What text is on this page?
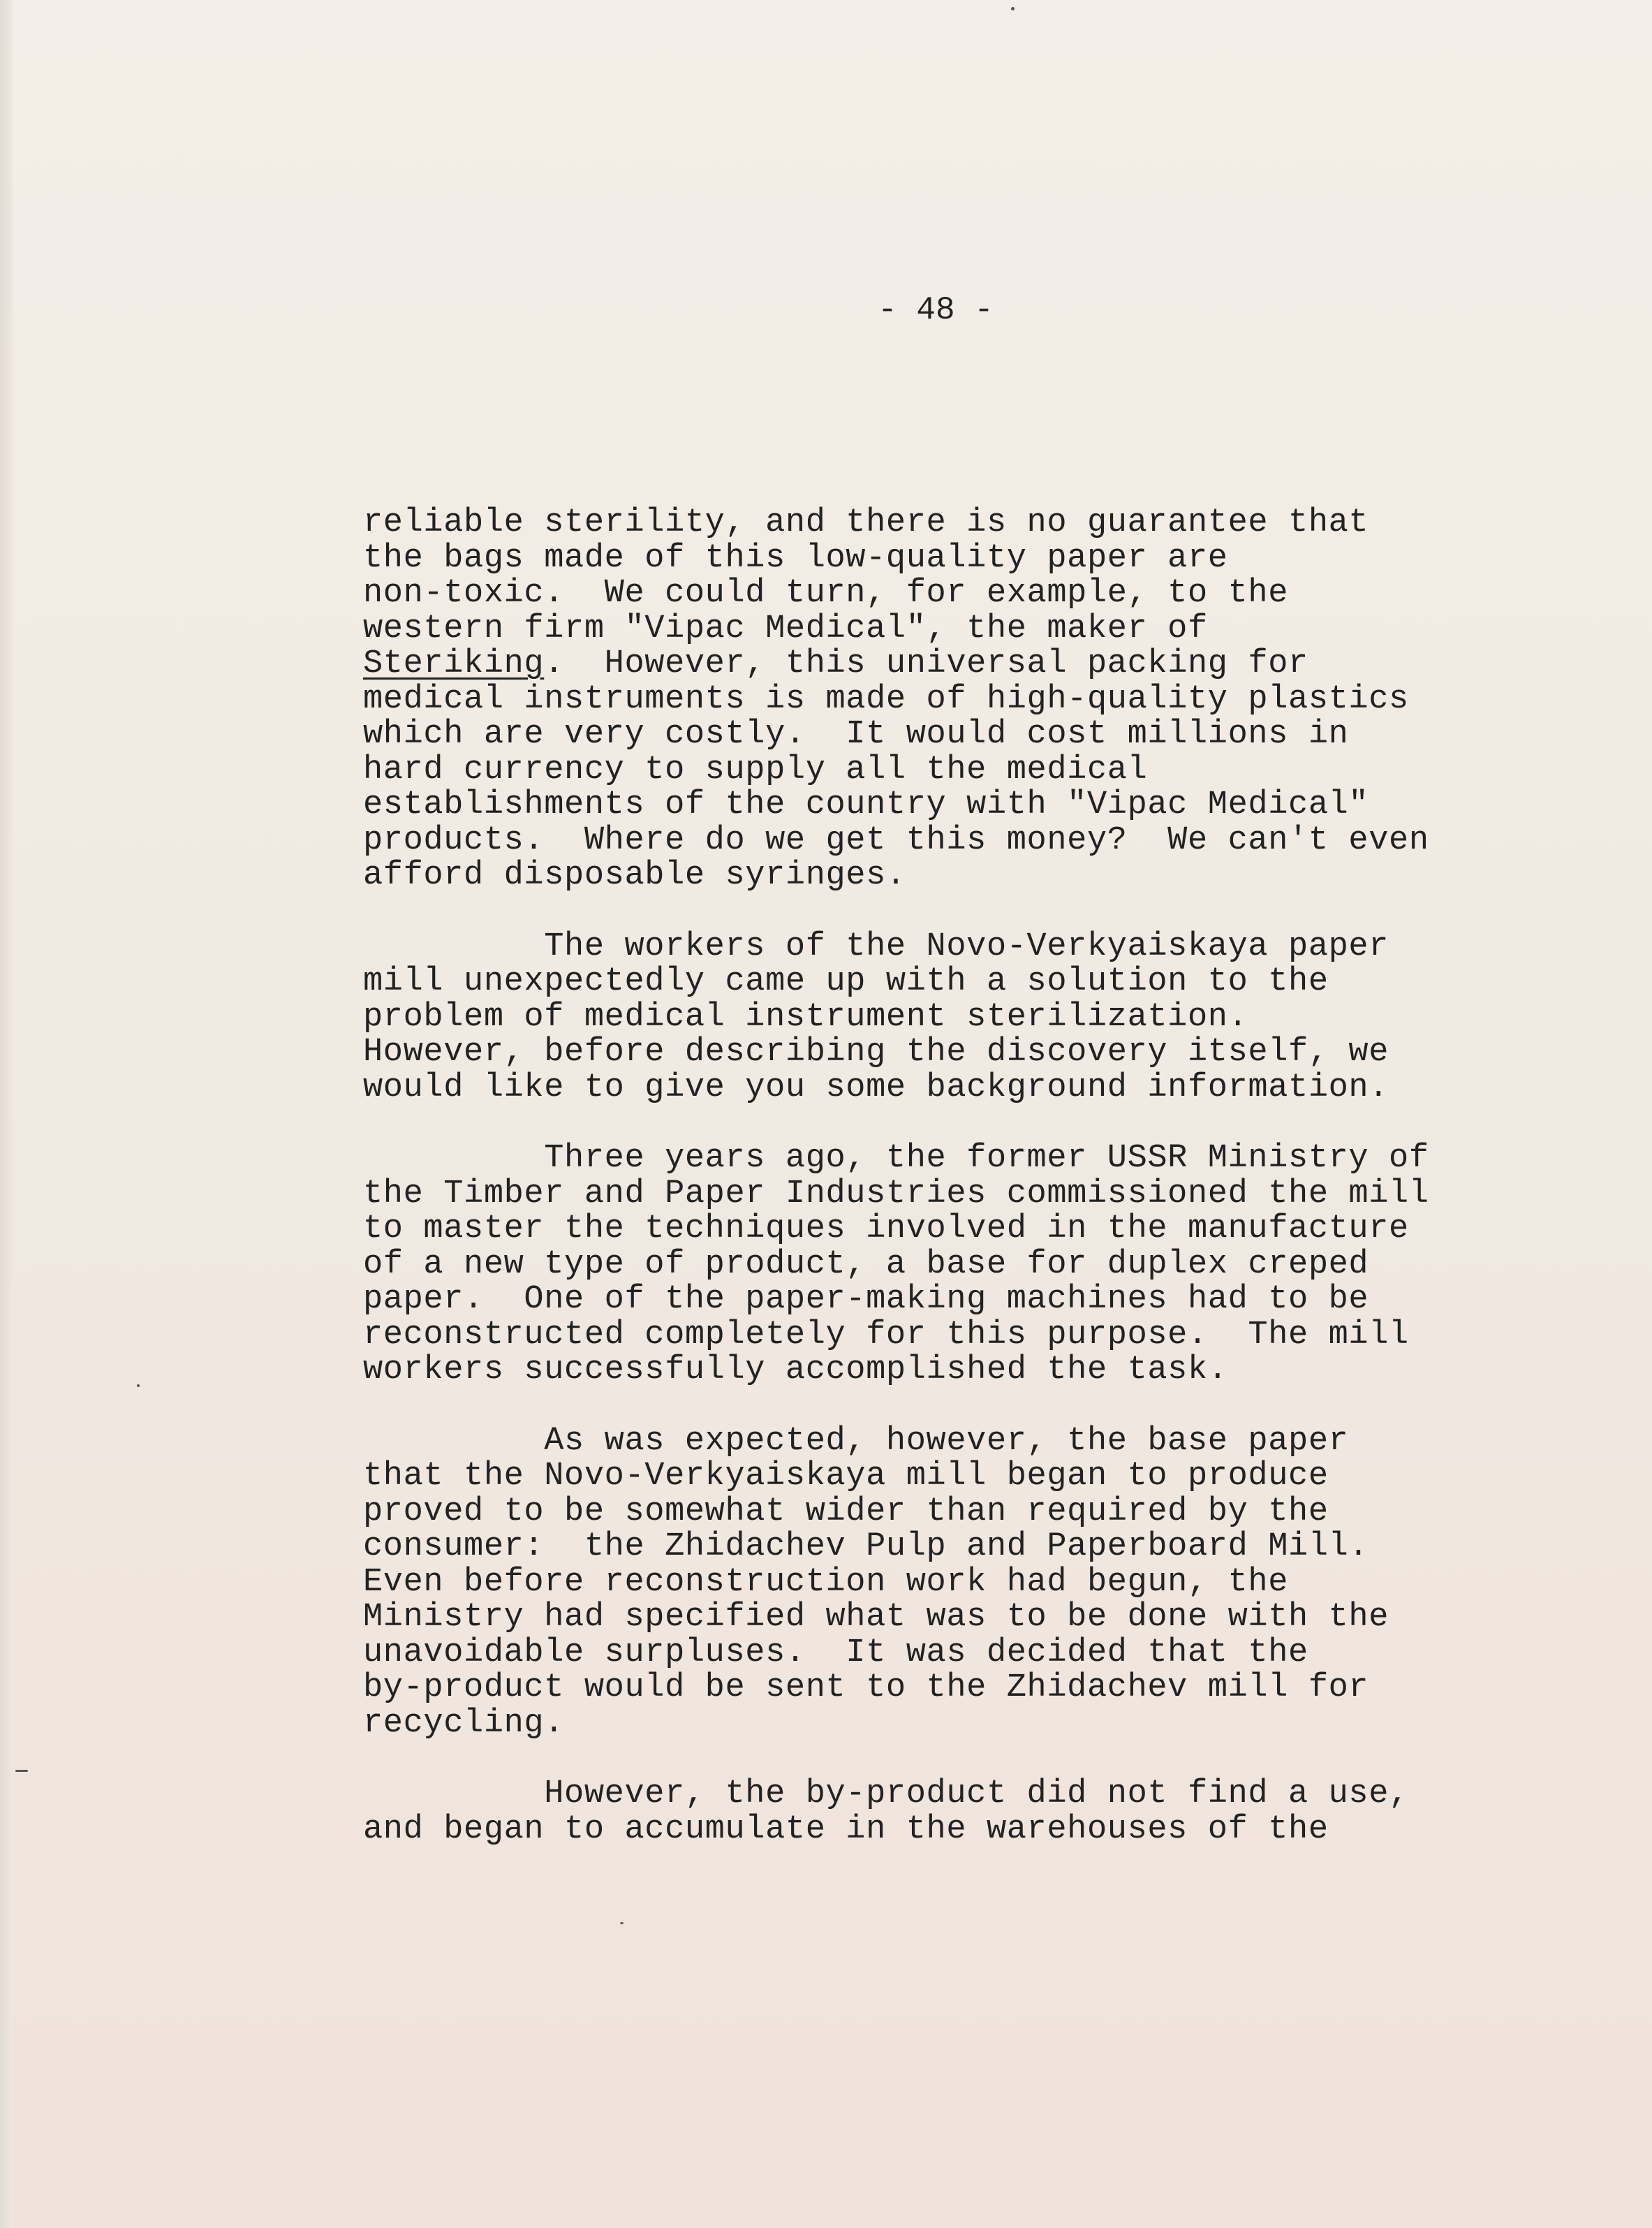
- 48 -
reliable sterility, and there is no guarantee that
the bags made of this low-quality paper are
non-toxic.  We could turn, for example, to the
western firm "Vipac Medical", the maker of
Steriking.  However, this universal packing for
medical instruments is made of high-quality plastics
which are very costly.  It would cost millions in
hard currency to supply all the medical
establishments of the country with "Vipac Medical"
products.  Where do we get this money?  We can't even
afford disposable syringes.
The workers of the Novo-Verkyaiskaya paper
mill unexpectedly came up with a solution to the
problem of medical instrument sterilization.
However, before describing the discovery itself, we
would like to give you some background information.
Three years ago, the former USSR Ministry of
the Timber and Paper Industries commissioned the mill
to master the techniques involved in the manufacture
of a new type of product, a base for duplex creped
paper.  One of the paper-making machines had to be
reconstructed completely for this purpose.  The mill
workers successfully accomplished the task.
As was expected, however, the base paper
that the Novo-Verkyaiskaya mill began to produce
proved to be somewhat wider than required by the
consumer:  the Zhidachev Pulp and Paperboard Mill.
Even before reconstruction work had begun, the
Ministry had specified what was to be done with the
unavoidable surpluses.  It was decided that the
by-product would be sent to the Zhidachev mill for
recycling.
However, the by-product did not find a use,
and began to accumulate in the warehouses of the
